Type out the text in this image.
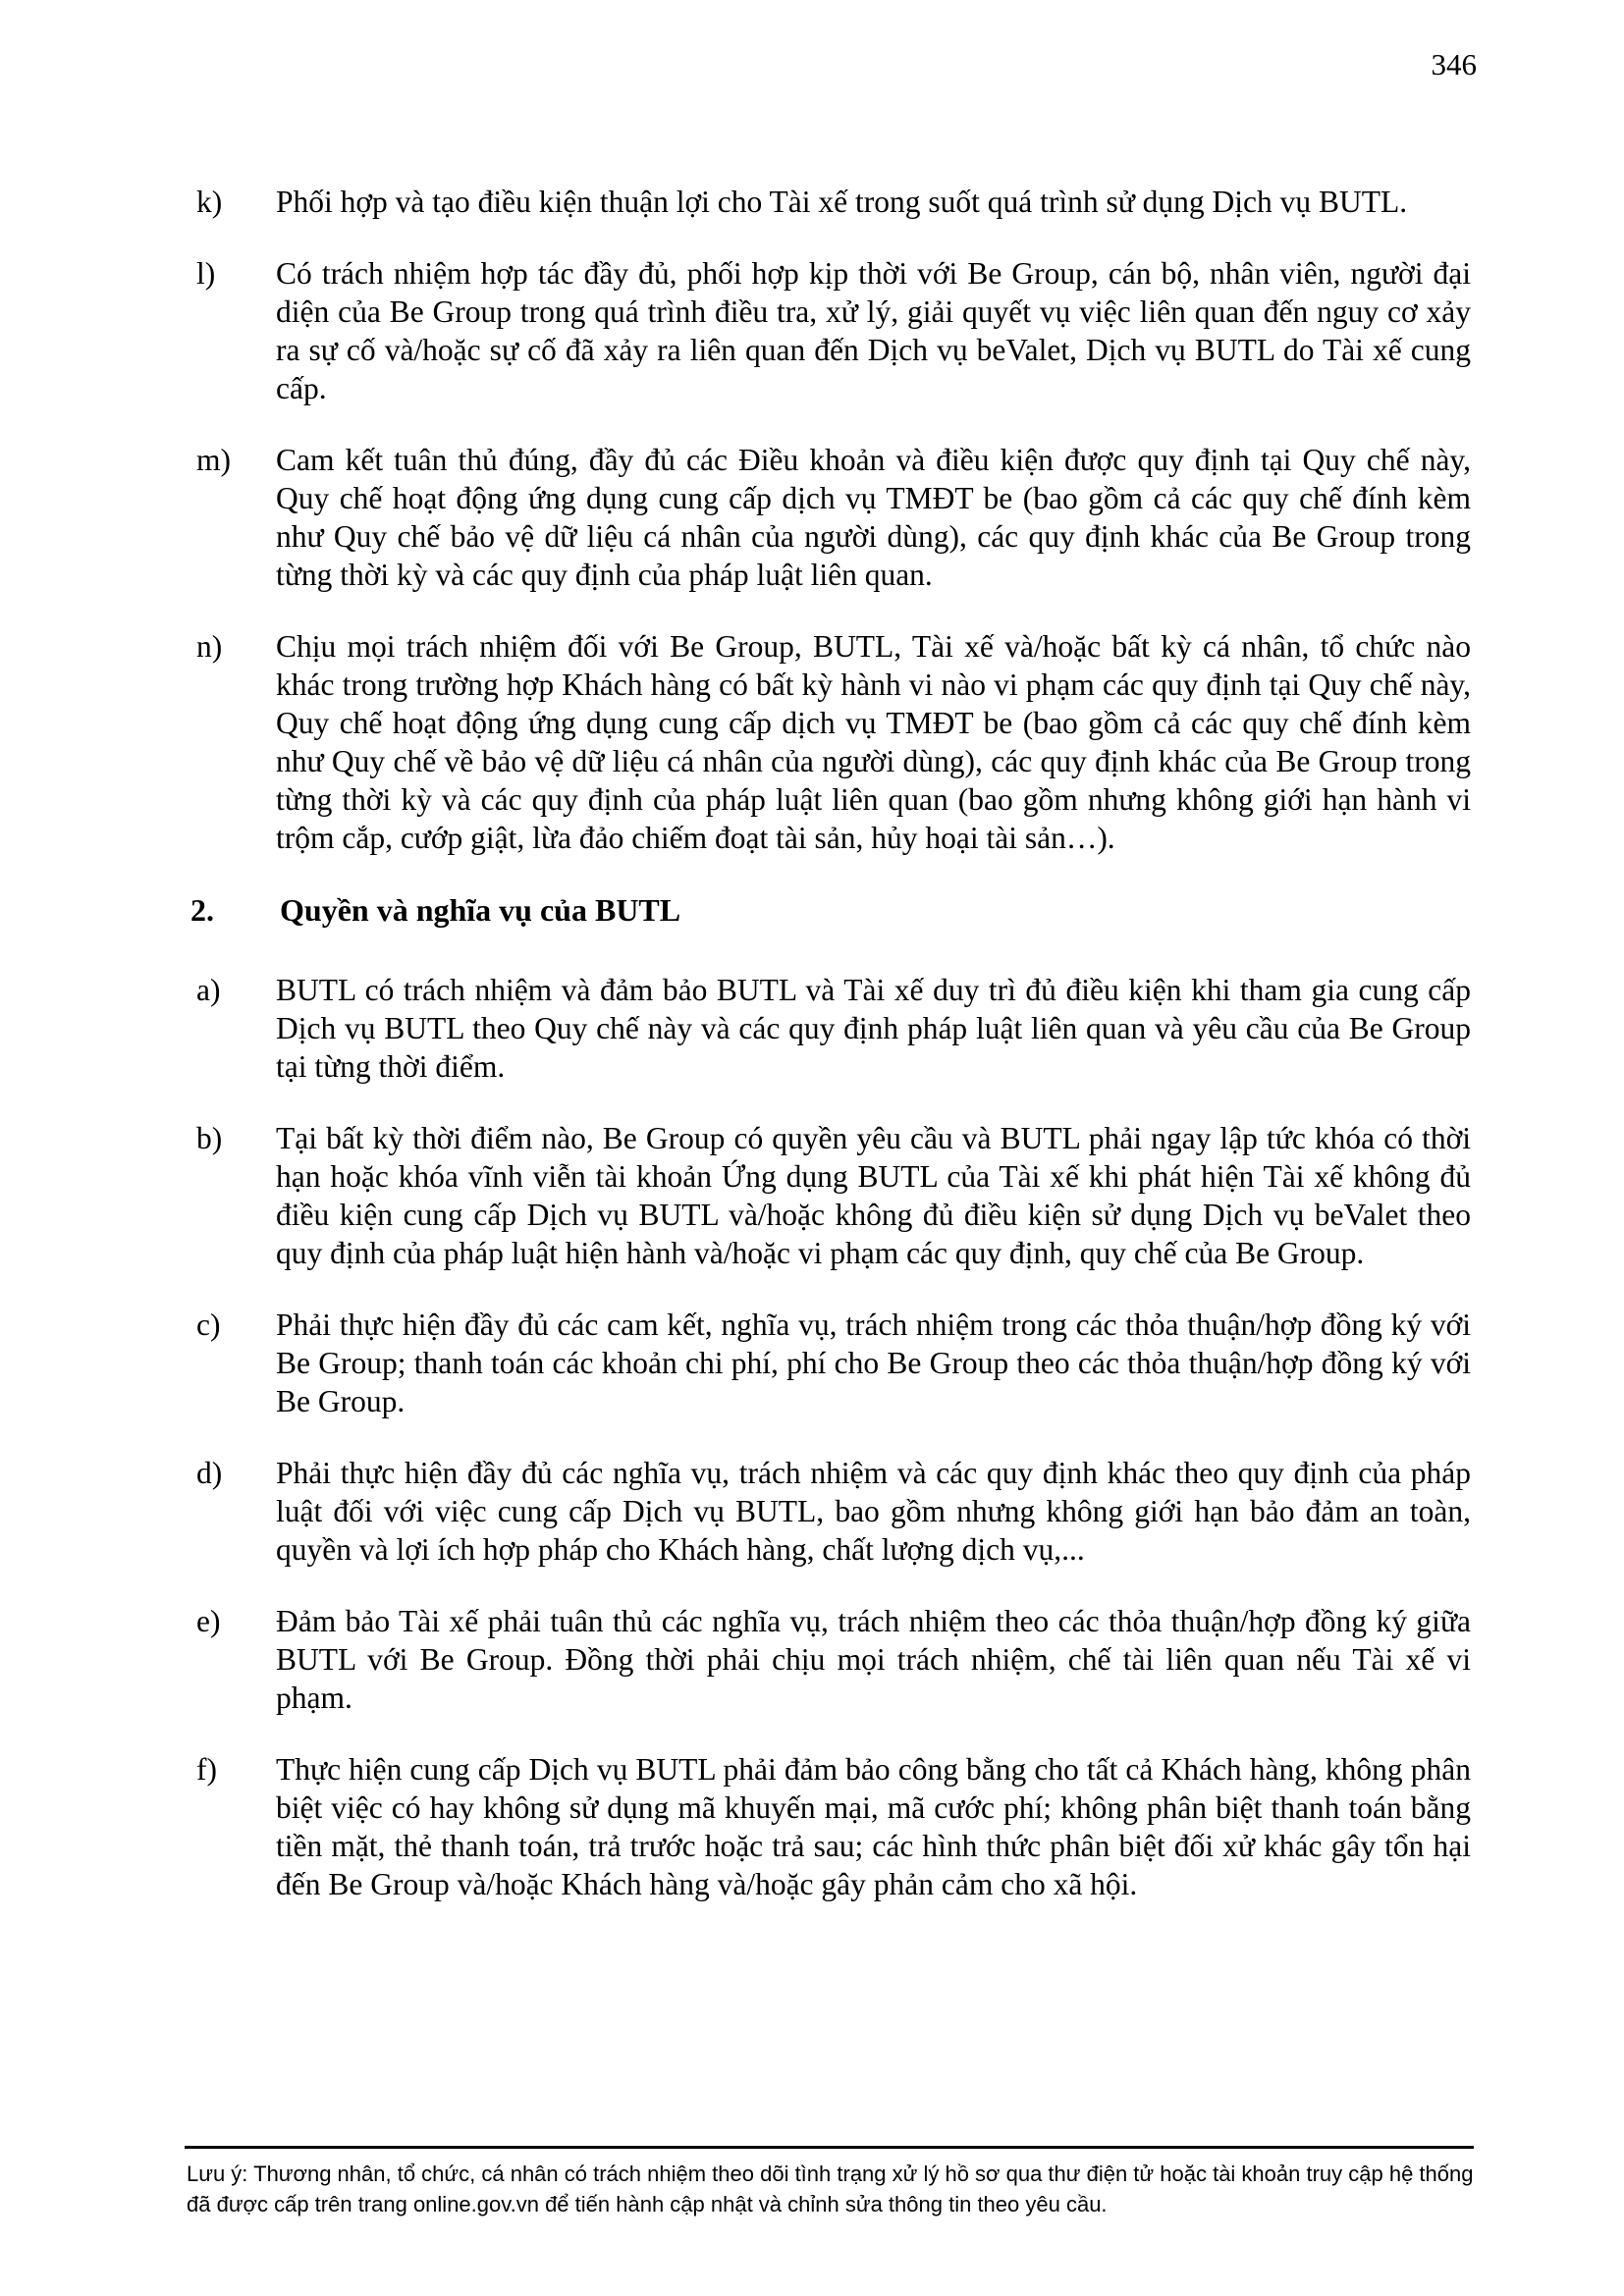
346
k)	Phối hợp và tạo điều kiện thuận lợi cho Tài xế trong suốt quá trình sử dụng Dịch vụ BUTL.
l)	Có trách nhiệm hợp tác đầy đủ, phối hợp kịp thời với Be Group, cán bộ, nhân viên, người đại diện của Be Group trong quá trình điều tra, xử lý, giải quyết vụ việc liên quan đến nguy cơ xảy ra sự cố và/hoặc sự cố đã xảy ra liên quan đến Dịch vụ beValet, Dịch vụ BUTL do Tài xế cung cấp.
m)	Cam kết tuân thủ đúng, đầy đủ các Điều khoản và điều kiện được quy định tại Quy chế này, Quy chế hoạt động ứng dụng cung cấp dịch vụ TMĐT be (bao gồm cả các quy chế đính kèm như Quy chế bảo vệ dữ liệu cá nhân của người dùng), các quy định khác của Be Group trong từng thời kỳ và các quy định của pháp luật liên quan.
n)	Chịu mọi trách nhiệm đối với Be Group, BUTL, Tài xế và/hoặc bất kỳ cá nhân, tổ chức nào khác trong trường hợp Khách hàng có bất kỳ hành vi nào vi phạm các quy định tại Quy chế này, Quy chế hoạt động ứng dụng cung cấp dịch vụ TMĐT be (bao gồm cả các quy chế đính kèm như Quy chế về bảo vệ dữ liệu cá nhân của người dùng), các quy định khác của Be Group trong từng thời kỳ và các quy định của pháp luật liên quan (bao gồm nhưng không giới hạn hành vi trộm cắp, cướp giật, lừa đảo chiếm đoạt tài sản, hủy hoại tài sản…).
2.	Quyền và nghĩa vụ của BUTL
a)	BUTL có trách nhiệm và đảm bảo BUTL và Tài xế duy trì đủ điều kiện khi tham gia cung cấp Dịch vụ BUTL theo Quy chế này và các quy định pháp luật liên quan và yêu cầu của Be Group tại từng thời điểm.
b)	Tại bất kỳ thời điểm nào, Be Group có quyền yêu cầu và BUTL phải ngay lập tức khóa có thời hạn hoặc khóa vĩnh viễn tài khoản Ứng dụng BUTL của Tài xế khi phát hiện Tài xế không đủ điều kiện cung cấp Dịch vụ BUTL và/hoặc không đủ điều kiện sử dụng Dịch vụ beValet theo quy định của pháp luật hiện hành và/hoặc vi phạm các quy định, quy chế của Be Group.
c)	Phải thực hiện đầy đủ các cam kết, nghĩa vụ, trách nhiệm trong các thỏa thuận/hợp đồng ký với Be Group; thanh toán các khoản chi phí, phí cho Be Group theo các thỏa thuận/hợp đồng ký với Be Group.
d)	Phải thực hiện đầy đủ các nghĩa vụ, trách nhiệm và các quy định khác theo quy định của pháp luật đối với việc cung cấp Dịch vụ BUTL, bao gồm nhưng không giới hạn bảo đảm an toàn, quyền và lợi ích hợp pháp cho Khách hàng, chất lượng dịch vụ,...
e)	Đảm bảo Tài xế phải tuân thủ các nghĩa vụ, trách nhiệm theo các thỏa thuận/hợp đồng ký giữa BUTL với Be Group. Đồng thời phải chịu mọi trách nhiệm, chế tài liên quan nếu Tài xế vi phạm.
f)	Thực hiện cung cấp Dịch vụ BUTL phải đảm bảo công bằng cho tất cả Khách hàng, không phân biệt việc có hay không sử dụng mã khuyến mại, mã cước phí; không phân biệt thanh toán bằng tiền mặt, thẻ thanh toán, trả trước hoặc trả sau; các hình thức phân biệt đối xử khác gây tổn hại đến Be Group và/hoặc Khách hàng và/hoặc gây phản cảm cho xã hội.
Lưu ý: Thương nhân, tổ chức, cá nhân có trách nhiệm theo dõi tình trạng xử lý hồ sơ qua thư điện tử hoặc tài khoản truy cập hệ thống đã được cấp trên trang online.gov.vn để tiến hành cập nhật và chỉnh sửa thông tin theo yêu cầu.
